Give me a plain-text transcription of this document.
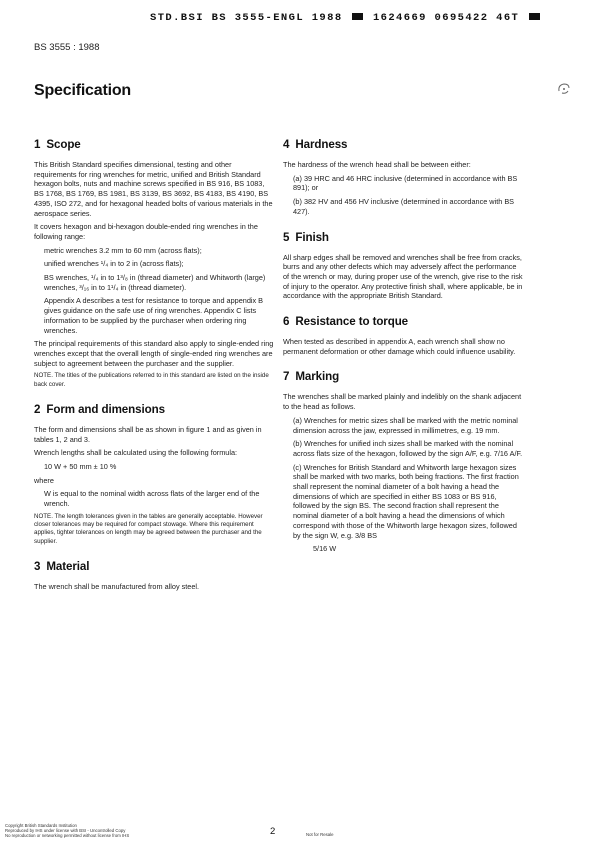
STD.BSI BS 3555-ENGL 1988	1624669 0695422 46T
BS 3555 : 1988
Specification
1 Scope

This British Standard specifies dimensional, testing and other requirements for ring wrenches for metric, unified and British Standard hexagon bolts, nuts and machine screws specified in BS 916, BS 1083, BS 1768, BS 1769, BS 1981, BS 3139, BS 3692, BS 4183, BS 4190, BS 4395, ISO 272, and for hexagonal headed bolts of various materials in the aerospace series.

It covers hexagon and bi-hexagon double-ended ring wrenches in the following range:

metric wrenches 3.2 mm to 60 mm (across flats);

unified wrenches ¹/₄ in to 2 in (across flats);

BS wrenches, ¹/₄ in to 1³/₈ in (thread diameter) and Whitworth (large) wrenches, ³/₁₆ in to 1¹/₄ in (thread diameter).

Appendix A describes a test for resistance to torque and appendix B gives guidance on the safe use of ring wrenches. Appendix C lists information to be supplied by the purchaser when ordering ring wrenches.

The principal requirements of this standard also apply to single-ended ring wrenches except that the overall length of single-ended ring wrenches are subject to agreement between the purchaser and the supplier.

NOTE. The titles of the publications referred to in this standard are listed on the inside back cover.

2 Form and dimensions

The form and dimensions shall be as shown in figure 1 and as given in tables 1, 2 and 3.

Wrench lengths shall be calculated using the following formula:

10 W + 50 mm ± 10 %

where

W is equal to the nominal width across flats of the larger end of the wrench.

NOTE. The length tolerances given in the tables are generally acceptable. However closer tolerances may be required for compact stowage. Where this requirement applies, tighter tolerances on length may be agreed between the purchaser and the supplier.

3 Material

The wrench shall be manufactured from alloy steel.

4 Hardness

The hardness of the wrench head shall be between either:

(a) 39 HRC and 46 HRC inclusive (determined in accordance with BS 891); or

(b) 382 HV and 456 HV inclusive (determined in accordance with BS 427).

5 Finish

All sharp edges shall be removed and wrenches shall be free from cracks, burrs and any other defects which may adversely affect the performance of the wrench or may, during proper use of the wrench, give rise to the risk of injury to the operator. Any protective finish shall, where applicable, be in accordance with the appropriate British Standard.

6 Resistance to torque

When tested as described in appendix A, each wrench shall show no permanent deformation or other damage which could influence usability.

7 Marking

The wrenches shall be marked plainly and indelibly on the shank adjacent to the head as follows.

(a) Wrenches for metric sizes shall be marked with the metric nominal dimension across the jaw, expressed in millimetres, e.g. 19 mm.

(b) Wrenches for unified inch sizes shall be marked with the nominal across flats size of the hexagon, followed by the sign A/F, e.g. 7/16 A/F.

(c) Wrenches for British Standard and Whitworth large hexagon sizes shall be marked with two marks, both being fractions. The first fraction shall represent the nominal diameter of a bolt having a head the dimensions of which are specified in either BS 1083 or BS 916, followed by the sign BS. The second fraction shall represent the nominal diameter of a bolt having a head the dimensions of which correspond with those of the Whitworth large hexagon sizes, followed by the sign W, e.g. 3/8 BS

5/16 W

Copyright British Standards Institution
Reproduced by IHS under license with BSI - Uncontrolled Copy
No reproduction or networking permitted without license from IHS	2	Not for Resale
